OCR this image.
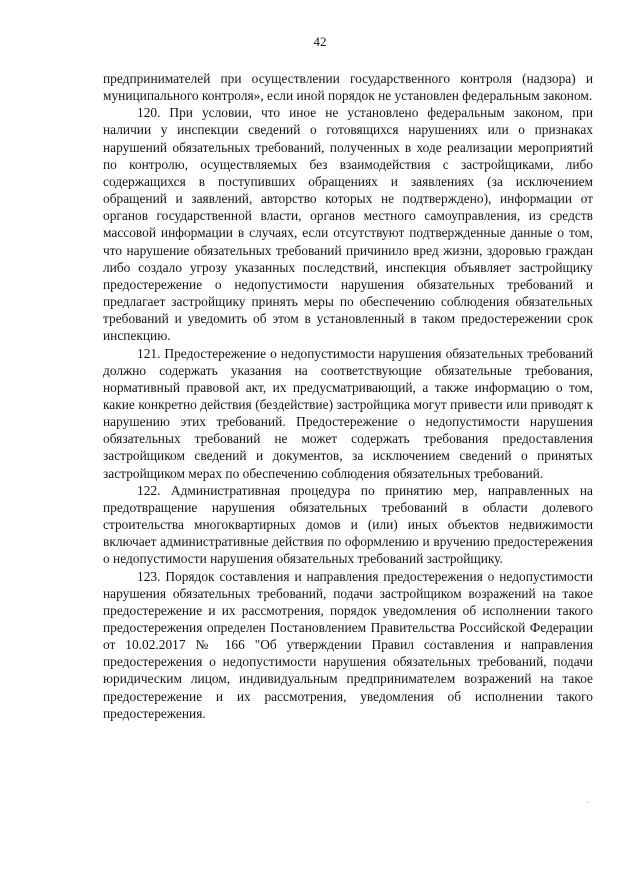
42

предпринимателей при осуществлении государственного контроля (надзора) и муниципального контроля», если иной порядок не установлен федеральным законом.

120. При условии, что иное не установлено федеральным законом, при наличии у инспекции сведений о готовящихся нарушениях или о признаках нарушений обязательных требований, полученных в ходе реализации мероприятий по контролю, осуществляемых без взаимодействия с застройщиками, либо содержащихся в поступивших обращениях и заявлениях (за исключением обращений и заявлений, авторство которых не подтверждено), информации от органов государственной власти, органов местного самоуправления, из средств массовой информации в случаях, если отсутствуют подтвержденные данные о том, что нарушение обязательных требований причинило вред жизни, здоровью граждан либо создало угрозу указанных последствий, инспекция объявляет застройщику предостережение о недопустимости нарушения обязательных требований и предлагает застройщику принять меры по обеспечению соблюдения обязательных требований и уведомить об этом в установленный в таком предостережении срок инспекцию.

121. Предостережение о недопустимости нарушения обязательных требований должно содержать указания на соответствующие обязательные требования, нормативный правовой акт, их предусматривающий, а также информацию о том, какие конкретно действия (бездействие) застройщика могут привести или приводят к нарушению этих требований. Предостережение о недопустимости нарушения обязательных требований не может содержать требования предоставления застройщиком сведений и документов, за исключением сведений о принятых застройщиком мерах по обеспечению соблюдения обязательных требований.

122. Административная процедура по принятию мер, направленных на предотвращение нарушения обязательных требований в области долевого строительства многоквартирных домов и (или) иных объектов недвижимости включает административные действия по оформлению и вручению предостережения о недопустимости нарушения обязательных требований застройщику.

123. Порядок составления и направления предостережения о недопустимости нарушения обязательных требований, подачи застройщиком возражений на такое предостережение и их рассмотрения, порядок уведомления об исполнении такого предостережения определен Постановлением Правительства Российской Федерации от 10.02.2017 № 166 "Об утверждении Правил составления и направления предостережения о недопустимости нарушения обязательных требований, подачи юридическим лицом, индивидуальным предпринимателем возражений на такое предостережение и их рассмотрения, уведомления об исполнении такого предостережения.

˙
